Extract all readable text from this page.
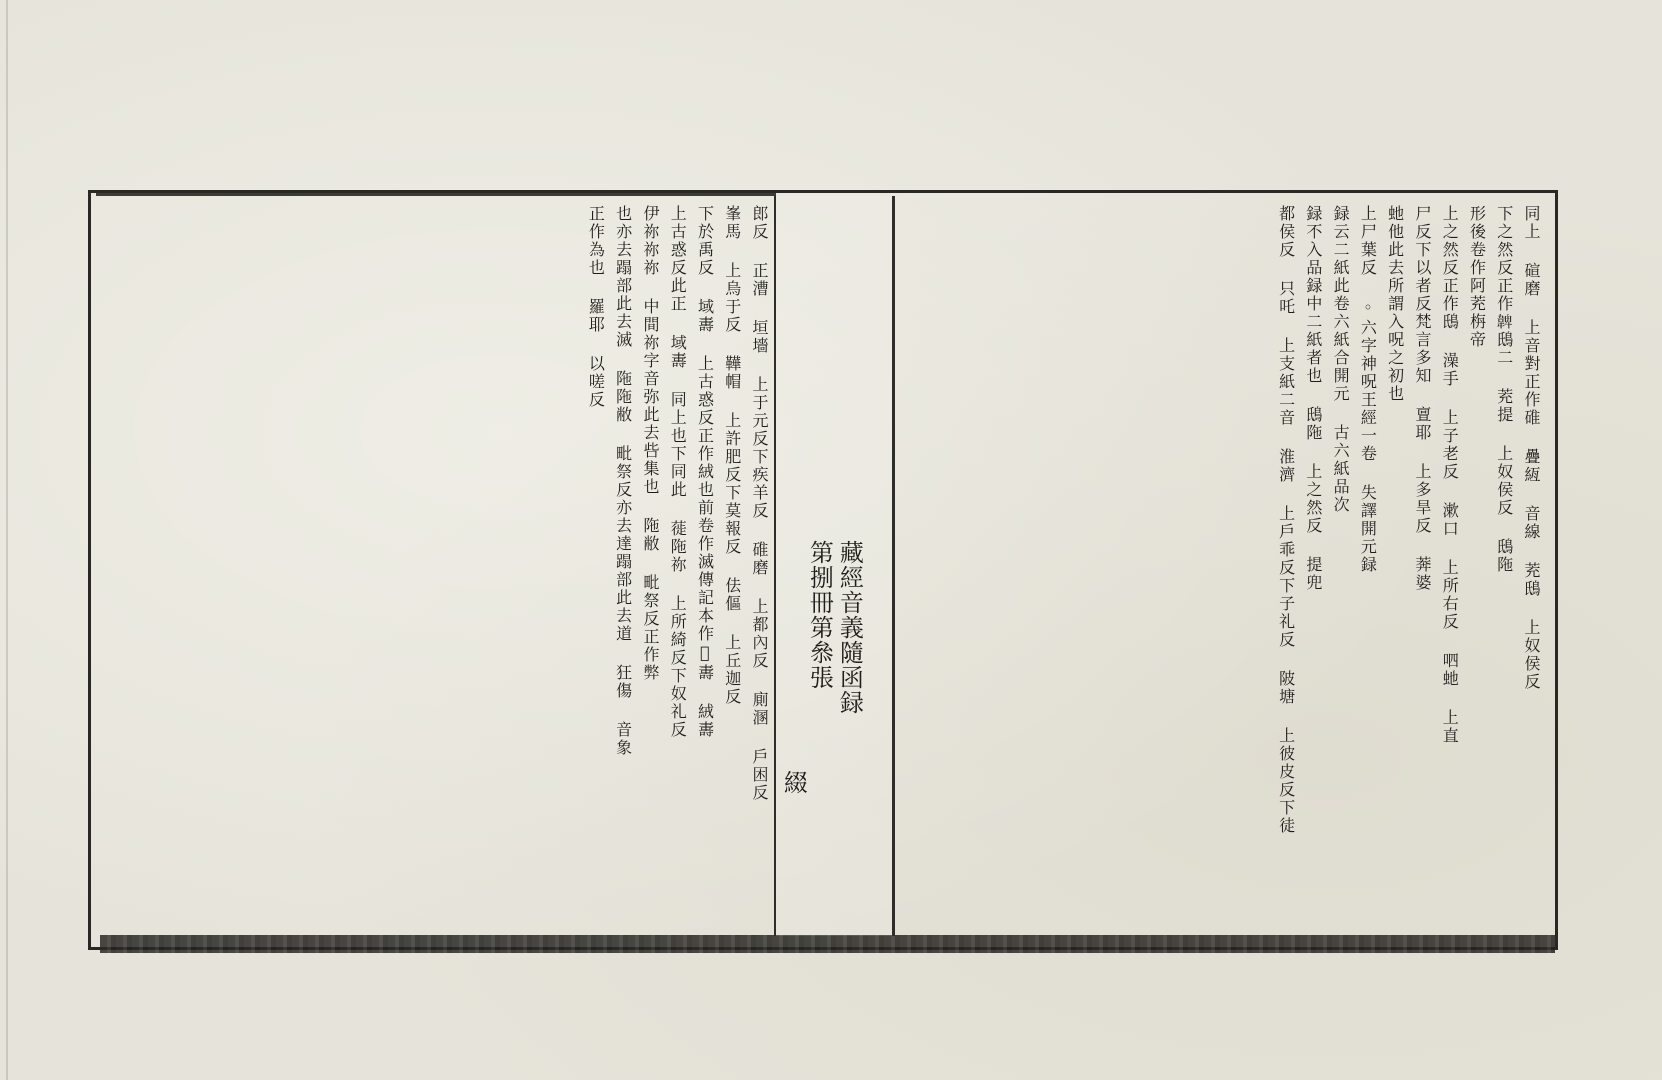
藏經音義隨函録
第捌冊第叅張
綴
同上 碹磨 上音對正作碓 疊絚 音線 茺䲭 上奴侯反
下之然反正作𩏂䲭二 茺提 上奴侯反 䲭陁
形後卷作阿茺栴帝
上之然反正作䲭 澡手 上子老反 漱口 上所右反 呬虵 上直
尸反下以者反梵言多知 亶耶 上多旱反 莾婆
虵他此去所謂入呪之初也
上尸葉反 ◦六字神呪王經一卷 失譯開元録
録云二紙此卷六紙合開元 古六紙品次
録不入品録中二紙者也 䲭陁 上之然反 提兜
都侯反 只吒 上支紙二音 淮濟 上戶乖反下子礼反 陂塘 上彼皮反下徒
郎反 正漕 垣墻 上于元反下疾羊反 碓磨 上都內反 廁溷 戶困反
峯馬 上烏于反 鞾帽 上許肥反下莫報反 佉傴 上丘迦反
下於禹反 域夀 上古惑反正作絨也前卷作滅傳記本作𡚶夀 絨夀
上古惑反此正 域夀 同上也下同此 蓰陁祢 上所綺反下奴礼反
伊祢祢祢 中間祢字音弥此去呰集也 陁敝 毗祭反正作弊
也亦去蹋部此去滅 陁陁敝 毗祭反亦去達蹋部此去道 狂傷 音象
正作為也 羅耶 以嗟反
